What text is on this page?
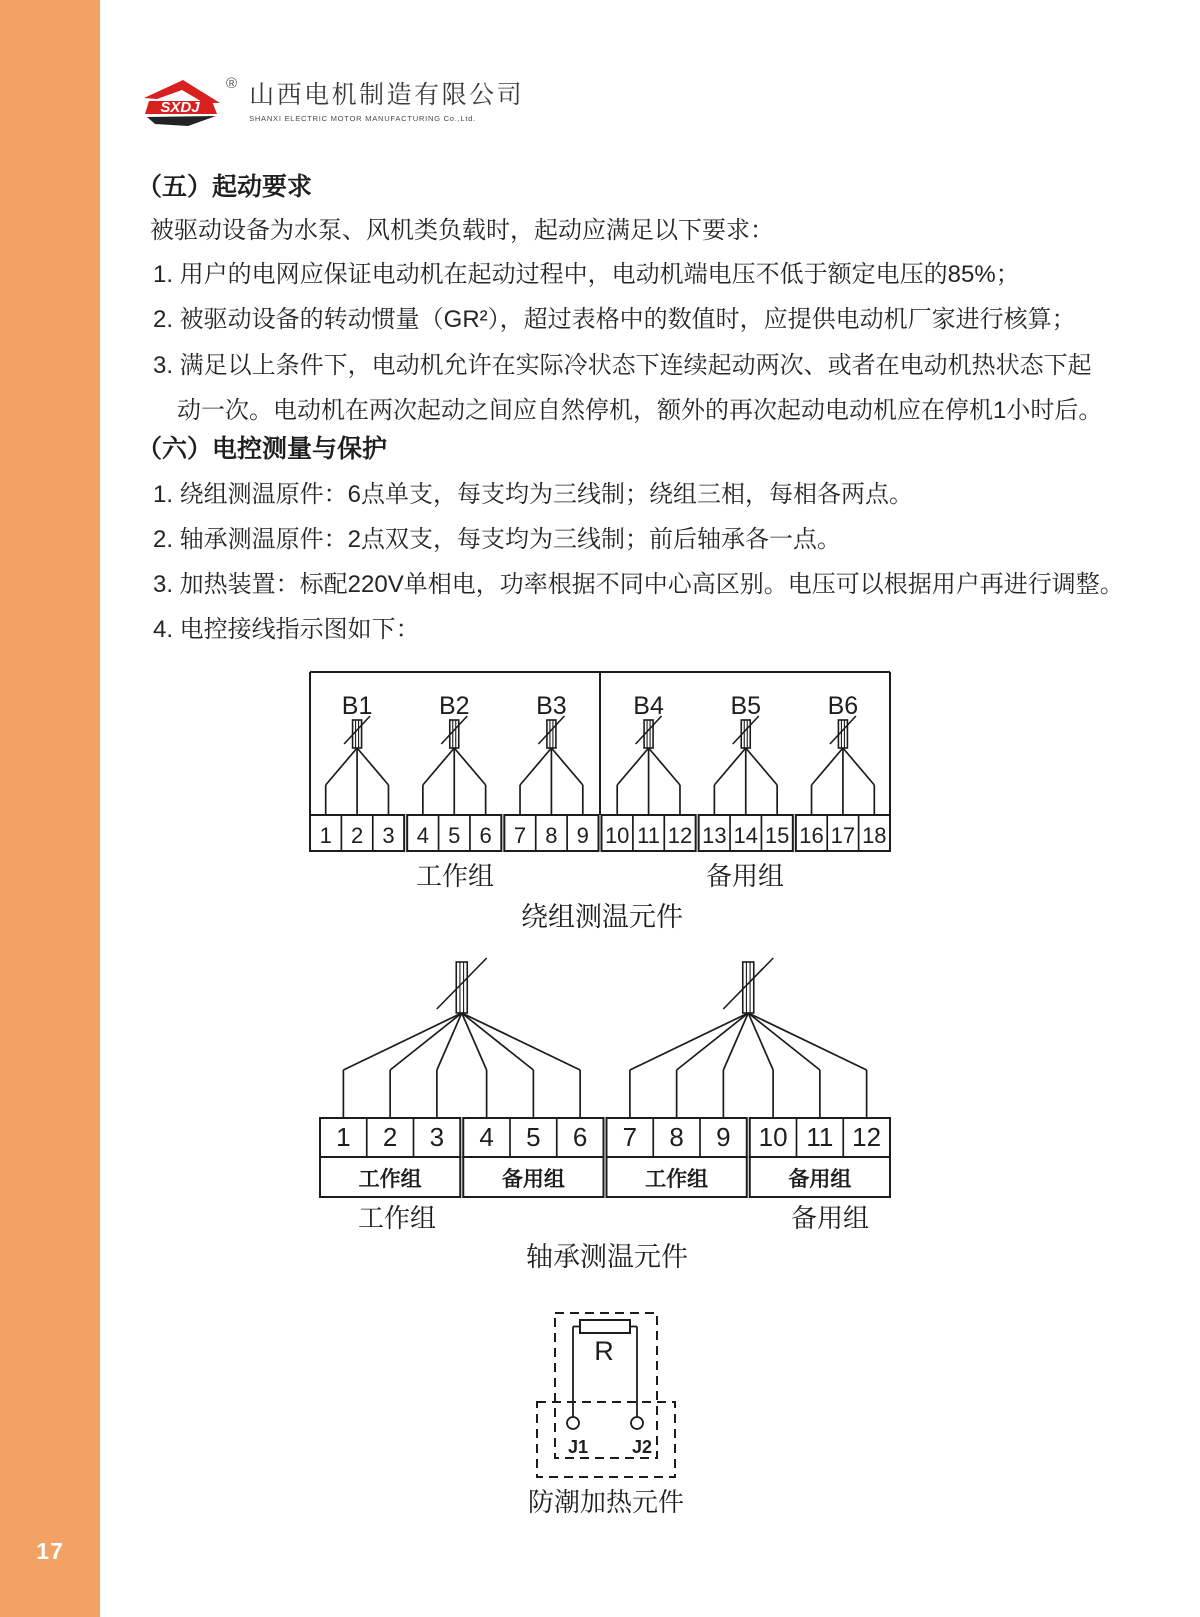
17
SXDJ
® 山西电机制造有限公司
SHANXI ELECTRIC MOTOR MANUFACTURING Co.,Ltd.
（五）起动要求
被驱动设备为水泵、风机类负载时，起动应满足以下要求：
1. 用户的电网应保证电动机在起动过程中，电动机端电压不低于额定电压的85%；
2. 被驱动设备的转动惯量（GR²），超过表格中的数值时，应提供电动机厂家进行核算；
3. 满足以上条件下，电动机允许在实际冷状态下连续起动两次、或者在电动机热状态下起
动一次。电动机在两次起动之间应自然停机，额外的再次起动电动机应在停机1小时后。
（六）电控测量与保护
1. 绕组测温原件：6点单支，每支均为三线制；绕组三相，每相各两点。
2. 轴承测温原件：2点双支，每支均为三线制；前后轴承各一点。
3. 加热装置：标配220V单相电，功率根据不同中心高区别。电压可以根据用户再进行调整。
4. 电控接线指示图如下：
1 2 3
B1
4 5 6
B2
7 8 9
B3
10 11 12
B4
13 14 15
B5
16 17 18
B6
工作组	备用组
绕组测温元件
1 2 3
工作组
4 5 6
备用组
7 8 9
工作组
10 11 12
备用组
工作组	备用组
轴承测温元件
R
J1 J2
防潮加热元件
